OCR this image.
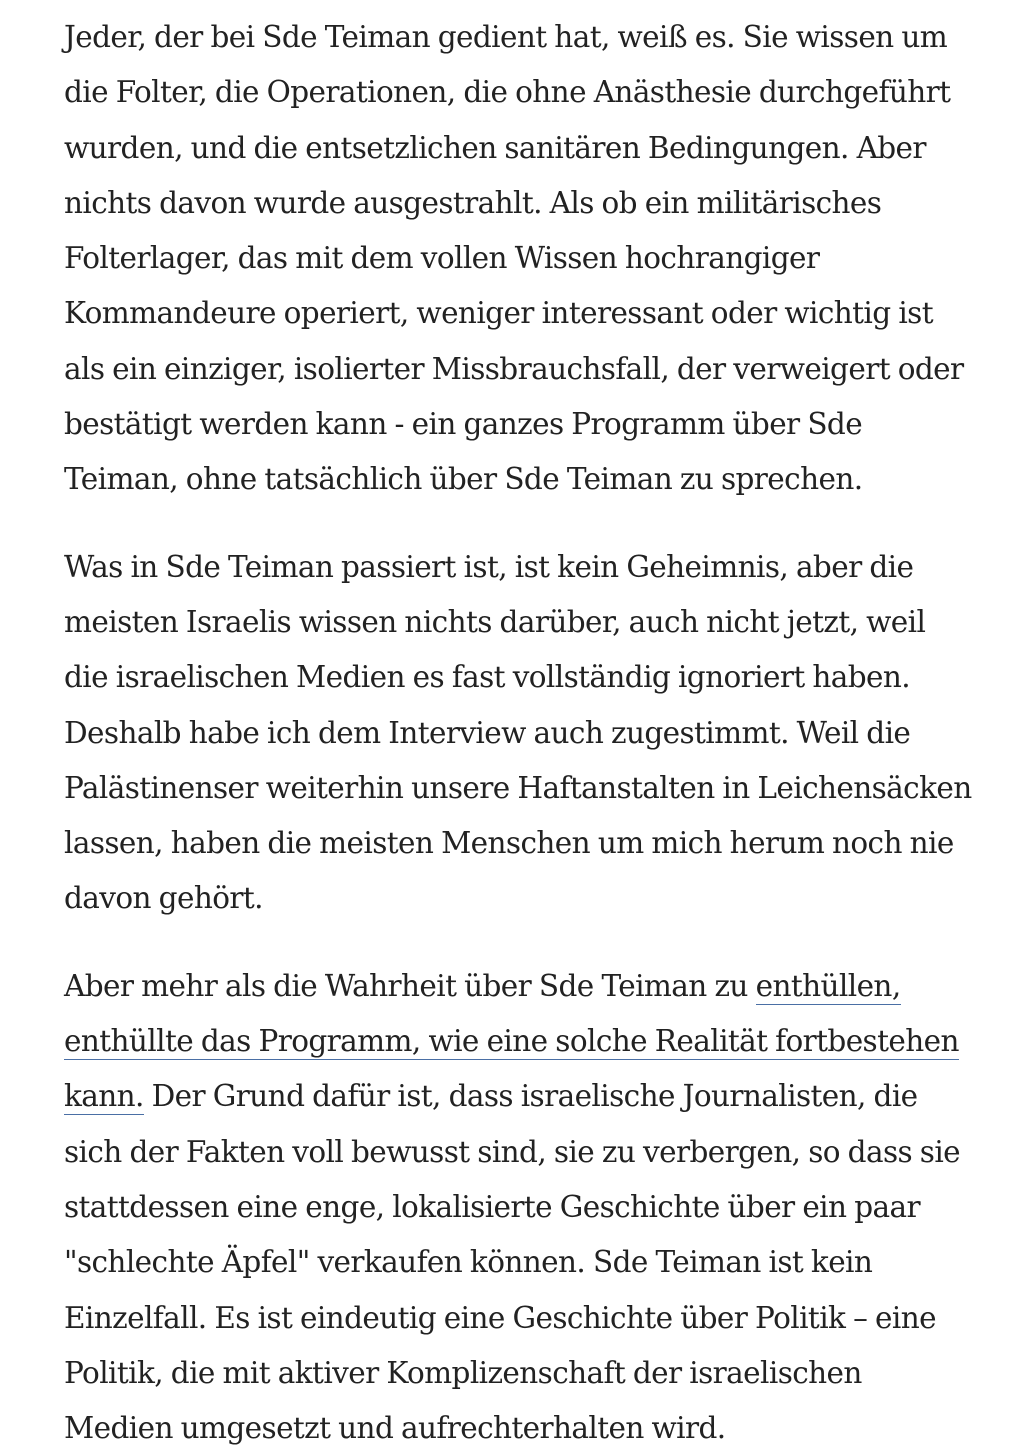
Jeder, der bei Sde Teiman gedient hat, weiß es. Sie wissen um die Folter, die Operationen, die ohne Anästhesie durchgeführt wurden, und die entsetzlichen sanitären Bedingungen. Aber nichts davon wurde ausgestrahlt. Als ob ein militärisches Folterlager, das mit dem vollen Wissen hochrangiger Kommandeure operiert, weniger interessant oder wichtig ist als ein einziger, isolierter Missbrauchsfall, der verweigert oder bestätigt werden kann - ein ganzes Programm über Sde Teiman, ohne tatsächlich über Sde Teiman zu sprechen.

Was in Sde Teiman passiert ist, ist kein Geheimnis, aber die meisten Israelis wissen nichts darüber, auch nicht jetzt, weil die israelischen Medien es fast vollständig ignoriert haben. Deshalb habe ich dem Interview auch zugestimmt. Weil die Palästinenser weiterhin unsere Haftanstalten in Leichensäcken lassen, haben die meisten Menschen um mich herum noch nie davon gehört.

Aber mehr als die Wahrheit über Sde Teiman zu enthüllen, enthüllte das Programm, wie eine solche Realität fortbestehen kann. Der Grund dafür ist, dass israelische Journalisten, die sich der Fakten voll bewusst sind, sie zu verbergen, so dass sie stattdessen eine enge, lokalisierte Geschichte über ein paar "schlechte Äpfel" verkaufen können. Sde Teiman ist kein Einzelfall. Es ist eindeutig eine Geschichte über Politik – eine Politik, die mit aktiver Komplizenschaft der israelischen Medien umgesetzt und aufrechterhalten wird.
